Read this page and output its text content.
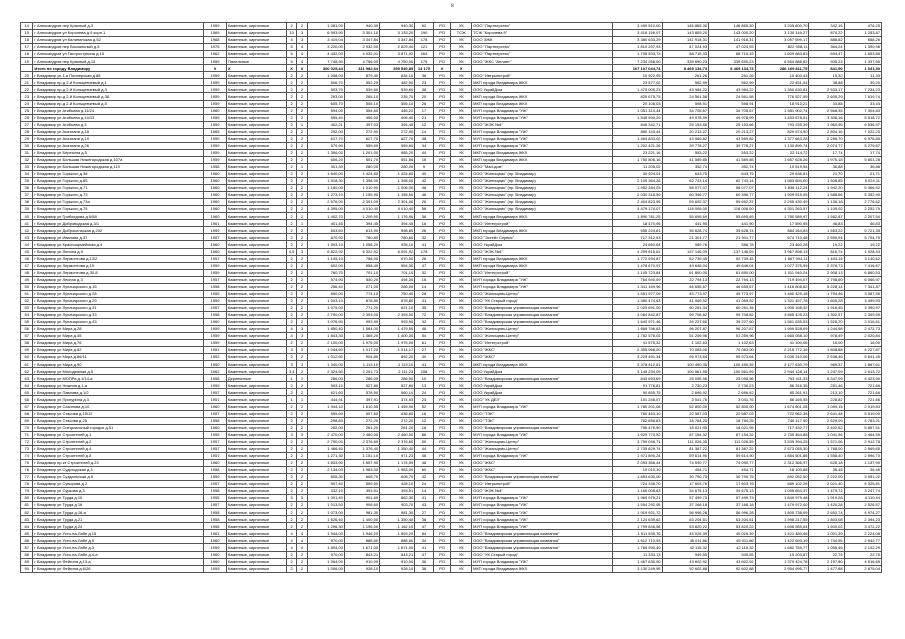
8
14	г Александров пер Красный д.3	1959	Каменные, кирпичные	2	2	1 081,00	940,30	940,30	62	РО	УК	ООО "Партнерство"	3 499 510,00	146 865,30	146 865,30	3 205 800,70	342,15	476,25
15	г Александров ул Королева д.9 корп.1	1969	Каменные, кирпичные	10	3	6 993,90	3 301,10	3 133,20	190	РО	ТСЖ	ТСЖ "Королева 9"	3 416 159,07	143 805,20	143 005,20	3 130 149,27	870,22	1 253,87
16	г Александров ул Калининская д.52	1968	Каменные, кирпичные	4	3	3 419,04	3 347,84	3 347,84	178	РО	УК	ООО ЭЖК	3 380 633,29	141 918,31	141 918,31	3 097 599,17	888,82	858,26
17	г Александров пер Вокзальный д.5	1975	Каменные, кирпичные	5	4	3 220,00	2 932,00	2 829,40	121	РО	УК	ООО "Партнерство"	1 810 297,93	47 024,93	47 024,93	822 908,11	364,24	1 390,98
18	г Александров ул Гастроступина д.15	1962	Каменные, кирпичные	5	4	4 432,00	4 032,01	3 871,92	164	РО	УК	ООО "Партнерство"	1 706 533,73	88 715,33	88 715,33	1 609 883,83	694,47	1 653,86
19	г Александров пер Красный д.14	1959	Панельные	5	4	7 748,30	4 756,00	4 750,00	179	РО	УК	ООО "ЖКС "Анлант"	7 234 268,00	339 690,23	339 690,23	6 554 886,62	935,23	1 337,65
	Итого по городу Владимиру	Х	Х	Х	Х	300 025,44	311 982,64	259 540,85	14 170	Х	Х		167 107 044,74	8 469 134,73	8 469 134,73	286 169 811,75	841,90	1 041,30
20	г Владимир ул 1-я Пионерская д.88	1959	Каменные, кирпичные	2	2	1 058,00	879,40	834,10	36	РО	УК	ООО "Ивтрынстрой"	10 922,95	261,26	261,26	10 400,43	10,32	11,33
21	г Владимир пр-д 2-й Кольцевчевый д.1	1959	Каменные, кирпичные	2	2	606,70	552,20	482,00	23	РО	УК	МКП города Владимира ЖКХ	23 577,02	562,99	562,99	22 451,04	38,88	39,20
22	г Владимир пр-д 2-й Кольцевчевый д.3	1959	Каменные, кирпичные	2	2	593,70	539,60	539,60	38	РО	УК	ООО УкрайДом	1 475 005,23	43 984,22	43 984,22	1 390 630,81	2 533,17	7 234,23
23	г Владимир пр-д 2-й Кольцевчевый д.3А	1959	Каменные, кирпичные	2	2	293,00	265,10	235,70	20	РО	УК	МКП города Владимира ЖКХ	825 675,75	24 561,58	24 561,58	776 527,59	2 605,29	7 819,74
24	г Владимир пр-д 2-й Кольцевчевый д.5	1959	Каменные, кирпичные	2	2	605,70	555,10	555,10	26	РО	УК	МКП города Владимира ЖКХ	20 108,03	598,91	598,91	18 913,21	33,88	33,43
25	г Владимир ул Агибьева д.11/24	1960	Каменные, кирпичные	2	2	594,00	554,60	446,22	17	РО	УК	МУП города Владимира "УЖ"	1 051 314,44	34 705,67	34 705,67	1 981 902,74	2 568,35	7 304,83
26	г Владимир ул Агибьева д.14/13	1959	Каменные, кирпичные	2	2	595,40	456,00	406,40	21	РО	УК	МУП города Владимира "УЖ"	1 545 590,29	49 978,99	49 978,99	1 453 678,51	3 308,16	5 518,72
27	г Владимир ул Агибьева д.3	1959	Каменные, кирпичные	2	1	402,21	397,03	394,45	12	РО	УК	ООО "ЖЭК №4"	845 342,71	25 153,66	25 153,66	793 235,39	1 960,95	6 536,97
28	г Владимир ул Асатиани д.18	1965	Каменные, кирпичные	2	2	292,00	272,90	272,90	14	РО	УК	МУП города Владимира "УЖ"	880 143,44	20 213,27	20 213,27	829 674,90	2 804,16	7 022,23
29	г Владимир ул Асатиани д.19	1959	Каменные, кирпичные	2	2	617,70	627,70	627,70	38	РО	УК	МУП города Владимира "УЖ"	1 464 833,02	43 569,82	43 569,82	1 377 663,28	2 296,70	6 976,89
30	г Владимир ул Асатиани д.26	1959	Каменные, кирпичные	2	2	579,90	559,60	559,60	34	РО	УК	МУП города Владимира "УЖ"	1 202 421,26	39 778,27	39 778,27	1 130 890,74	2 074,77	5 279,67
31	г Владимир ул Березина д.5	1959	Каменные, кирпичные	2	2	1 306,00	1 201,00	985,20	44	РО	УК	МКП города Владимира ЖКХ	23 221,16	553,22	553,22	22 114,72	17,74	17,74
32	г Владимир ул Большая Нижегородская д.107а	1959	Каменные, кирпичные	2	2	606,20	551,70	551,56	16	РО	УК	МКП города Владимира ЖКХ	1 750 806,16	41 589,85	41 589,85	1 657 628,26	1 975,18	5 801,28
33	г Владимир ул Большая Нижегородская д.119	1958	Каменные, кирпичные	2	1	301,30	280,00	280,00	9	РО	УК	ООО "Mad-дом"	11 205,02	352,74	352,74	10 519,54	36,88	36,88
34	г Владимир ул Горького д.38	1960	Каменные, кирпичные	2	2	1 640,00	1 424,60	1 424,60	40	РО	УК	ООО "Жилищник" (пр. Владимир)	30 924,01	643,75	643,75	29 636,51	21,70	21,71
35	г Владимир ул Горького д.65	1960	Каменные, кирпичные	2	2	1 518,30	1 398,00	1 398,00	42	РО	УК	ООО "Жилищник" (пр. Владимир)	2 109 364,28	62 743,14	62 743,14	1 983 894,00	1 508,85	5 024,11
36	г Владимир ул Горького д.71	1960	Каменные, кирпичные	2	2	1 160,00	1 010,90	1 006,00	46	РО	УК	ООО "Жилищник" (пр. Владимир)	1 952 284,03	58 077,07	58 077,07	1 836 112,24	1 942,20	5 366,52
37	г Владимир ул Горького д.73	1960	Каменные, кирпичные	2	2	1 273,10	1 155,90	1 155,90	46	РО	УК	ООО "Жилищник" (пр. Владимир)	2 030 318,59	60 396,77	60 396,77	1 909 515,05	1 588,66	5 352,90
38	г Владимир ул Горького д.73а	1960	Каменные, кирпичные	2	2	2 576,00	2 301,00	2 301,00	26	РО	УК	ООО "Жилищник" (пр. Владимир)	2 404 823,95	59 692,37	59 692,37	2 295 430,49	1 130,18	2 776,62
39	г Владимир ул Горького д.75	1960	Каменные, кирпичные	2	2	4 395,00	4 010,40	4 010,40	56	РО	УК	ООО "Жилищник" (пр. Владимир)	4 479 174,07	118 006,00	118 006,00	4 301 263,57	1 109,02	2 252,79
40	г Владимир ул Грибоедова д.6/88	1960	Каменные, кирпичные	2	2	1 402,70	1 209,90	1 176,90	36	РО	УК	МКП города Владимира ЖКХ	1 890 781,25	55 695,69	55 695,69	1 780 589,97	1 562,87	2 207,54
41	г Владимир ул Доброводская д.3/1	1961	Каменные, кирпичные	2	1	401,45	394,45	394,45	16	РО	УК	ООО "Интегрстрой"	18 470,95	441,90	441,90	17 590,95	46,83	46,83
42	г Владимир ул Добросельская д.202	1959	Каменные, кирпичные	2	2	603,50	613,90	598,80	26	РО	УК	МКП города Владимира ЖКХ	955 224,81	35 628,74	35 628,74	884 164,83	1 553,22	5 721,35
43	г Владимир ул Иванова д.37	1957	Каменные, кирпичные	2	2	870,90	780,80	780,80	32	РО	УК	ООО "Эстейт Сервис"	717 312,03	21 301,77	21 301,77	674 710,48	2 590,94	5 704,79
44	г Владимир ул Красноармейская д.4	1960	Каменные, кирпичные	2	2	1 593,10	1 058,20	935,10	41	РО	УК	ООО УкрайДом	24 660,64	989,76	588,78	23 460,28	19,22	19,22
45	г Владимир ул Ленина д.9	1960	Каменные, кирпичные	4,5	3	6 822,92	6 322,92	6 091,92	178	РО	УК	ООО "ЖЭК №4"	4 299 615,61	137 146,09	137 146,09	3 967 898,13	816,74	1 028,43
46	г Владимир ул Лермонтова д.13/2	1957	Каменные, кирпичные	2	2	1 105,10	758,00	670,00	26	РО	УК	МКП города Владимира ЖКХ	1 772 934,87	52 739,45	52 739,45	1 667 904,11	1 493,15	3 140,62
47	г Владимир ул Лермонтова д.19	1959	Каменные, кирпичные	2	2	602,00	558,40	554,30	47	РО	УК	МКП города Владимира ЖКХ	1 478 670,97	49 646,04	49 646,04	1 077 375,99	2 376,73	7 416,67
48	г Владимир ул Лермонтова д.30-8	1959	Каменные, кирпичные	2	2	760,70	701,10	701,10	32	РО	УК	ООО "Интегрстрой"	1 105 723,84	61 890,00	61 890,00	1 011 940,24	2 908,13	6 860,53
49	г Владимир ул Лесная д.3	1957	Каменные, кирпичные	2	2	574,90	530,20	494,30	16	РО	УК	МУП города Владимира "УЖ"	764 940,09	22 794,13	22 794,13	719 494,07	2 798,60	6 066,97
50	г Владимир ул Луначарского д.15	1958	Каменные, кирпичные	2	2	256,40	271,00	266,00	14	РО	УК	МУП города Владимира "УЖ"	1 341 169,96	46 655,67	46 655,67	1 416 808,62	5 228,14	7 341,87
51	г Владимир ул Луначарского д.28	1955	Каменные, кирпичные	2	2	890,00	774,10	750,40	28	РО	УК	ООО "Жилищник-Центр"	1 551 977,09	45 773,97	45 773,97	1 460 429,18	1 794,46	3 087,56
52	г Владимир ул Луначарского д.29	1959	Каменные, кирпичные	2	2	1 003,10	878,80	878,80	31	РО	УК	ООО "УК Старый город"	1 380 474,63	41 069,92	41 069,92	1 321 457,78	1 600,28	3 499,93
53	г Владимир ул Луначарского д.31	1957	Каменные, кирпичные	2	2	1 075,00	771,20	621,10	35	РО	УК	ООО "Владимирская управляющая компания"	2 025 691,00	60 261,34	60 261,34	1 905 168,32	1 916,45	3 390,97
54	г Владимир ул Луначарского д.33	1958	Каменные, кирпичные	2	2	2 700,00	2 393,00	2 393,00	72	РО	УК	ООО "Владимирская управляющая компания"	4 064 842,87	99 708,82	99 708,82	3 865 425,23	1 302,57	2 399,59
55	г Владимир ул Луначарского д.43	1960	Каменные, кирпичные	2	2	1 076,50	993,90	993,90	32	РО	УК	ООО "Владимирская управляющая компания"	1 640 971,46	39 227,60	39 227,60	1 561 635,53	1 528,70	3 016,61
56	г Владимир ул Мира д.28	1959	Каменные, кирпичные	4	3	1 850,40	1 584,00	1 479,50	46	РО	УК	ООО "Жилищник-Центр"	1 669 796,63	96 207,87	96 207,87	1 999 528,09	1 244,98	2 472,73
57	г Владимир ул Мира д.45	1959	Каменные, кирпичные	4	3	1 843,30	1 465,20	1 400,30	54	РО	УК	ООО "Жилищник-Центр"	1 762 578,02	51 259,96	51 259,96	1 660 058,10	978,49	2 020,84
58	г Владимир ул Мира д.76	1959	Каменные, кирпичные	2	2	2 100,00	1 975,00	1 975,00	61	РО	УК	ООО "Интегрстрой"	41 575,32	1 102,63	1 102,63	41 100,06	16,00	16,00
59	г Владимир ул Мира д.82	1951	Каменные, кирпичные	3	3	1 044,50	1 017,20	1 014,17	27	РО	УК	ООО "ЖКС"	2 355 968,00	70 083,00	70 083,00	2 215 772,16	1 808,88	4 227,87
60	г Владимир ул Мира д.86/11	1952	Каменные, кирпичные	2	2	1 012,60	904,80	892,20	30	РО	УК	ООО "ЖКС"	3 229 491,34	95 973,64	95 973,64	3 035 310,06	2 538,46	5 841,45
61	г Владимир ул Мира д.90	1950	Каменные, кирпичные	3	3	1 340,00	1 113,10	1 113,10	41	РО	УК	МКП города Владимира ЖКХ	3 378 412,61	100 490,35	100 490,35	3 177 630,79	969,37	1 867,61
62	г Владимир ул Молодежная д.5	1962	Каменные, кирпичные	3,4	2	2 324,50	2 201,73	2 111,23	108	РО	УК	ООО УкрайДом	3 145 234,09	100 561,95	100 561,95	2 944 128,14	1 247,09	2 613,72
63	г Владимир ул МОПРа д.1/14-а	1958	Деревянные	1	1	286,00	286,00	286,00	10	РО	УК	ООО "Владимирская управляющая компания"	843 693,69	25 095,96	25 095,96	793 411,33	5 347,09	4 423,90
64	г Владимир ул Нижняя д.1-а	1959	Каменные, кирпичные	2	2	593,10	527,80	527,80	13	РО	УК	ООО УкрайДом	91 776,81	2 730,23	2 730,23	86 316,35	251,46	721,66
65	г Владимир ул Павлова д.1/2	1957	Каменные, кирпичные	2	2	621,60	578,90	560,10	24	РО	УК	ООО УкрайДом	90 655,75	2 696,92	2 696,92	85 261,91	213,10	721,66
66	г Владимир ул Пригурина д.3	1957	Каменные, кирпичные	1	1	444,91	397,91	374,93	23	РО	УК	ООО "УК ДЕЗ"	101 248,07	3 041,76	3 041,76	86 165,55	228,82	721,66
67	г Владимир ул Сазонова д.10	1960	Каменные, кирпичные	2	2	1 944,10	1 610,55	1 459,90	52	РО	УК	МУП города Владимира "УЖ"	1 780 201,08	52 800,00	52 800,00	1 674 601,08	1 059,15	2 019,83
68	г Владимир ул Стасова д.15/12	1957	Каменные, кирпичные	2	2	595,60	507,60	436,60	16	РО	УК	ООО "ТЭК"	760 463,10	22 587,03	22 587,03	722 962,38	2 641,48	5 519,00
69	г Владимир ул Стасова д.25	1958	Каменные, кирпичные	2	2	298,80	272,20	272,20	12	РО	УК	ООО "ТЭК"	782 658,83	18 784,25	18 784,25	746 117,90	2 629,09	4 783,21
70	г Владимир ул Спецыальный городок д.51	1960	Каменные, кирпичные	2	2	282,00	261,20	261,20	16	РО	УК	ООО "Владимирская управляющая компания"	755 476,90	18 021,95	18 021,95	717 432,77	2 402,62	5 857,51
71	г Владимир ул Строителей д.1	1955	Каменные, кирпичные	3	3	2 470,00	2 460,00	2 460,00	86	РО	УК	МУП города Владимира "УЖ"	1 929 773,52	87 154,32	87 154,32	2 755 464,88	1 041,56	2 464,59
72	г Владимир ул Строителей д.2	1957	Каменные, кирпичные	2	2	2 790,00	2 376,60	2 376,60	50	РО	УК	ООО "Жилищник-Центр"	3 759 046,71	111 026,35	111 026,35	3 535 394,25	1 571,06	2 912,78
73	г Владимир ул Строителей д.4	1957	Каменные, кирпичные	2	2	1 466,40	1 376,40	1 350,40	44	РО	УК	ООО "Жилищник-Центр"	2 735 829,74	81 387,22	81 387,22	2 573 055,30	1 768,00	2 969,65
74	г Владимир ул Строителей д.8	1957	Каменные, кирпичные	2	2	1 271,30	1 151,10	971,23	46	РО	УК	МУП города Владимира "УЖ"	1 971 890,24	59 614,90	59 614,90	1 854 501,86	1 558,40	2 996,73
75	г Владимир пр-кт Строителей д.23	1960	Каменные, кирпичные	2	2	1 833,90	1 657,90	1 174,59	48	РО	УК	ООО "ЖКС"	2 093 368,44	74 090,77	74 090,77	2 312 366,97	626,18	1 137,90
76	г Владимир ул Судогодская д.3	1958	Каменные, кирпичные	2	2	2 134,00	1 983,00	1 983,00	60	РО	УК	ООО "ЖКС"	19 010,10	454,71	454,71	18 100,68	36,45	36,45
77	г Владимир ул Суздальская д.6	1959	Каменные, кирпичные	2	2	605,30	608,70	608,70	32	РО	УК	ООО "Владимирская управляющая компания"	1 853 630,00	30 790,75	30 790,75	892 052,50	2 222,00	3 951,22
78	г Владимир ул Суворова д.2	1957	Каменные, кирпичные	2	2	597,40	559,50	428,10	24	РО	УК	ООО "Ивтрынстрой"	724 336,70	17 603,76	17 603,76	689 102,26	2 021,40	5 325,81
79	г Владимир ул Суркова д.3	1958	Каменные, кирпичные	2	2	432,10	393,51	393,51	14	РО	УК	ООО "ЖЭК №4"	1 165 008,63	34 675,13	34 675,13	1 095 654,37	1 479,72	3 247,74
80	г Владимир ул Труда д.10	1955	Каменные, кирпичные	3	3	1 001,40	901,60	862,30	41	РО	УК	МУП города Владимира "УЖ"	1 965 979,21	57 499,73	57 499,73	1 849 979,48	1 919,28	4 110,44
81	г Владимир ул Труда д.16	1957	Каменные, кирпичные	2	2	1 013,50	908,60	903,70	43	РО	УК	МУП города Владимира "УЖ"	1 554 292,95	37 168,18	37 168,18	1 479 972,00	1 420,28	2 526,57
82	г Владимир ул Труда д.16-а	1958	Каменные, кирпичные	2	2	1 073,00	981,30	981,30	27	РО	УК	МУП города Владимира "УЖ"	1 919 921,72	56 996,28	56 996,28	1 805 738,09	2 653,74	4 974,27
83	г Владимир ул Труда д.21	1958	Каменные, кирпичные	2	2	1 526,40	1 400,00	1 350,40	36	РО	УК	МУП города Владимира "УЖ"	2 124 639,62	63 204,51	63 204,51	1 998 217,55	1 803,08	2 394,23
84	г Владимир ул Труда д.24	1958	Каменные, кирпичные	2	2	1 296,30	1 196,00	1 162,10	47	РО	УК	МУП города Владимира "УЖ"	1 799 846,58	53 820,22	53 820,22	1 696 989,64	1 600,02	3 472,22
85	г Владимир ул Усти-на-Лабе д.15	1961	Каменные, кирпичные	4	4	1 944,00	1 946,20	1 893,20	84	РО	УК	ООО "Владимирская управляющая компания"	1 511 539,76	45 025,39	45 025,39	1 421 480,46	1 001,39	2 224,08
86	г Владимир ул Усти-на-Лабе д.5	1960	Каменные, кирпичные	4	4	970,00	888,60	888,60	34	РО	УК	ООО "Владимирская управляющая компания"	1 512 713,93	45 011,86	45 011,86	1 422 693,19	1 744,95	2 942,77
87	г Владимир ул Усти-на-Лабе д.3	1959	Каменные, кирпичные	4	4	1 894,00	1 671,00	1 671,00	41	РО	УК	ООО "Владимирская управляющая компания"	1 766 990,40	42 115,32	42 115,32	1 682 759,77	1 055,46	2 102,29
88	г Владимир ул Усти-на-Лабе д.4-а	1960	Каменные, кирпичные	2	2	970,00	843,21	843,21	37	РО	УК	ООО "УК Старый город"	11 333,13	949,55	949,55	10 203,87	22,75	22,75
89	г Владимир ул Фейгина д.13-а	1960	Каменные, кирпичные	2	2	1 064,00	910,00	910,00	36	РО	УК	МУП города Владимира "УЖ"	1 467 630,90	43 602,92	43 602,92	1 379 424,78	2 157,80	4 516,65
90	г Владимир ул Фейгина д.8/26	1959	Каменные, кирпичные	2	2	1 006,00	928,10	928,10	36	РО	УК	МКП города Владимира ЖКХ	3 130 249,95	92 602,88	92 602,88	2 954 995,77	1 477,88	2 875,04
